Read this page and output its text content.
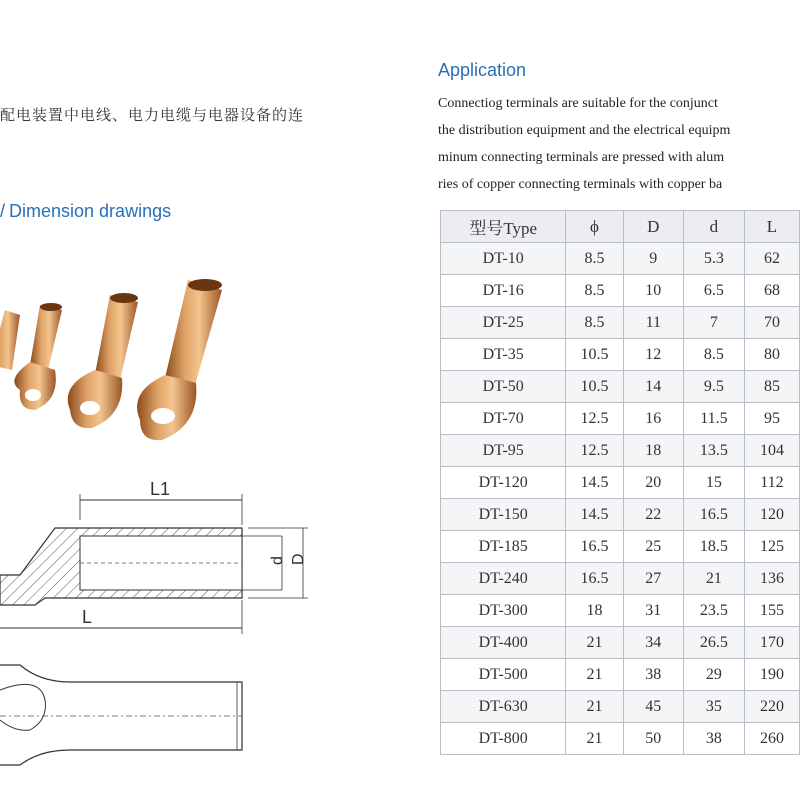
配电装置中电线、电力电缆与电器设备的连
/ Dimension drawings
L1
d D
L
Application
Connectiog terminals are suitable for the conjunct
the distribution equipment and the electrical equipm
minum connecting terminals are pressed with alum
ries of copper connecting terminals with copper ba
型号Type	ϕ	D	d	L
DT-10	8.5	9	5.3	62
DT-16	8.5	10	6.5	68
DT-25	8.5	11	7	70
DT-35	10.5	12	8.5	80
DT-50	10.5	14	9.5	85
DT-70	12.5	16	11.5	95
DT-95	12.5	18	13.5	104
DT-120	14.5	20	15	112
DT-150	14.5	22	16.5	120
DT-185	16.5	25	18.5	125
DT-240	16.5	27	21	136
DT-300	18	31	23.5	155
DT-400	21	34	26.5	170
DT-500	21	38	29	190
DT-630	21	45	35	220
DT-800	21	50	38	260
